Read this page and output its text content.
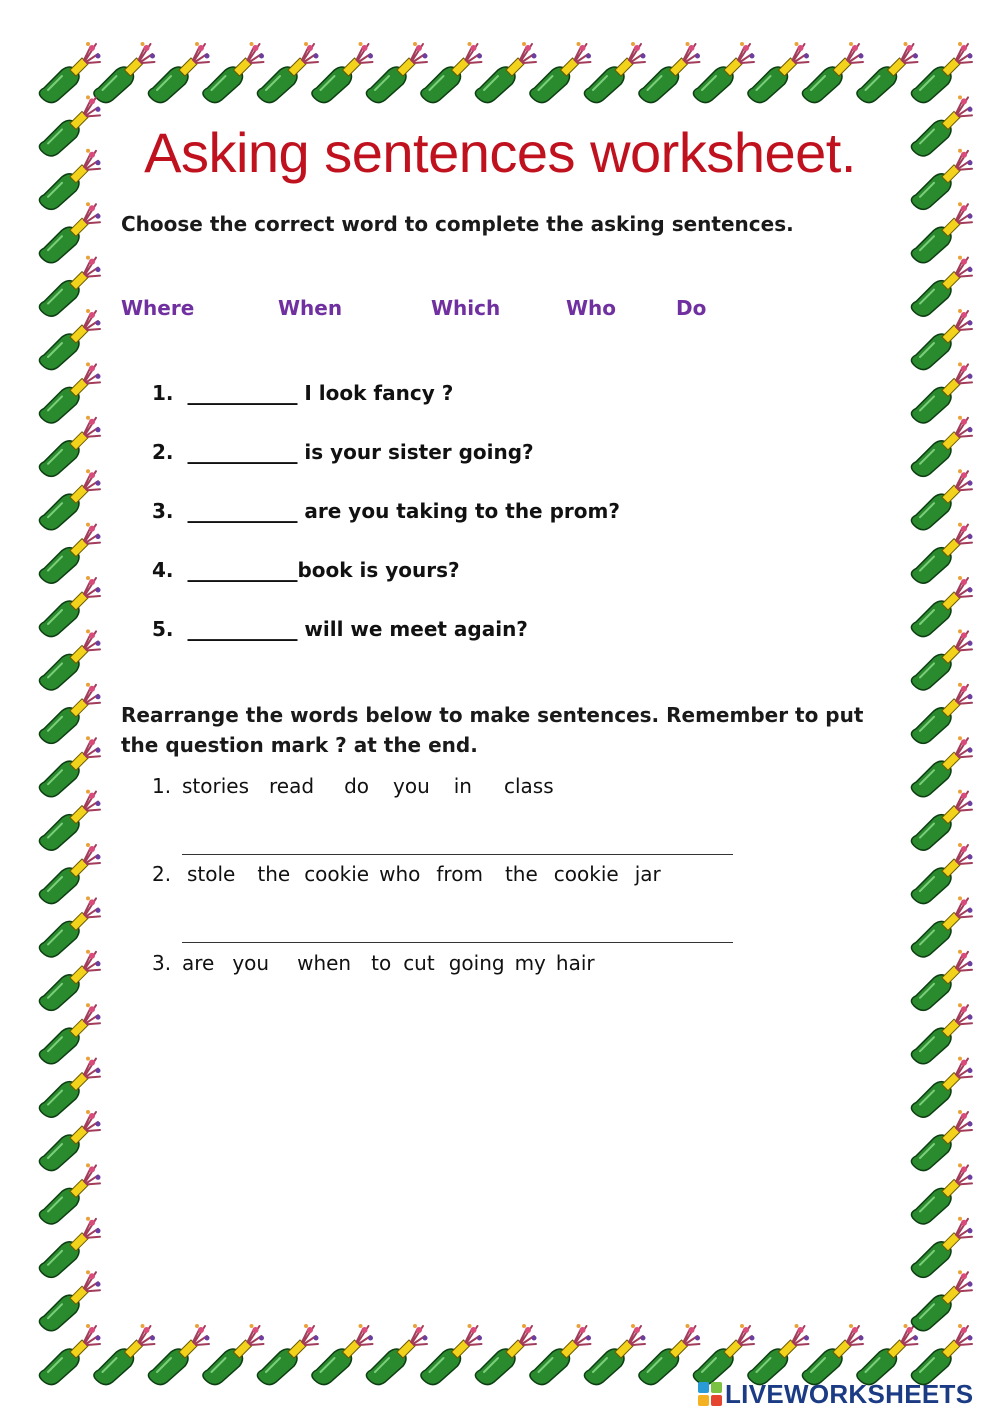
Asking sentences worksheet.
Choose the correct word to complete the asking sentences.
Where	When	Which	Who	Do
1.  ___________ I look fancy ?
2.  ___________ is your sister going?
3.  ___________ are you taking to the prom?
4.  ___________book is yours?
5.  ___________ will we meet again?
Rearrange the words below to make sentences. Remember to put the question mark ? at the end.
1. stories read do you in class
2. stole the cookie who from the cookie jar
3. are you when to cut going my hair
LIVEWORKSHEETS
